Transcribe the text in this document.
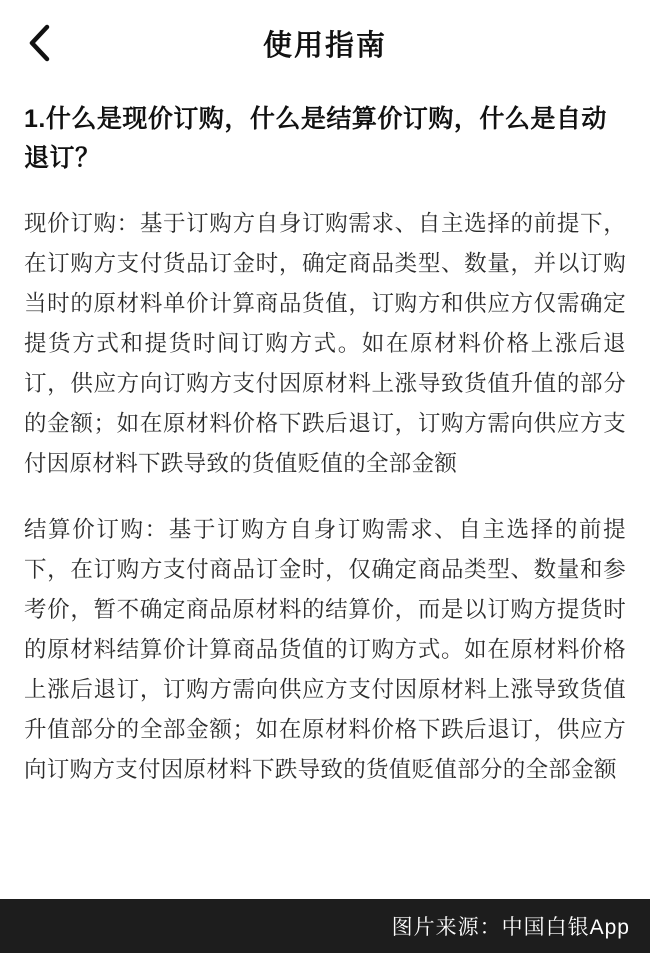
使用指南
1.什么是现价订购，什么是结算价订购，什么是自动退订？

现价订购：基于订购方自身订购需求、自主选择的前提下，在订购方支付货品订金时，确定商品类型、数量，并以订购当时的原材料单价计算商品货值，订购方和供应方仅需确定提货方式和提货时间订购方式。如在原材料价格上涨后退订，供应方向订购方支付因原材料上涨导致货值升值的部分的金额；如在原材料价格下跌后退订，订购方需向供应方支付因原材料下跌导致的货值贬值的全部金额

结算价订购：基于订购方自身订购需求、自主选择的前提下，在订购方支付商品订金时，仅确定商品类型、数量和参考价，暂不确定商品原材料的结算价，而是以订购方提货时的原材料结算价计算商品货值的订购方式。如在原材料价格上涨后退订，订购方需向供应方支付因原材料上涨导致货值升值部分的全部金额；如在原材料价格下跌后退订，供应方向订购方支付因原材料下跌导致的货值贬值部分的全部金额

图片来源：中国白银App
